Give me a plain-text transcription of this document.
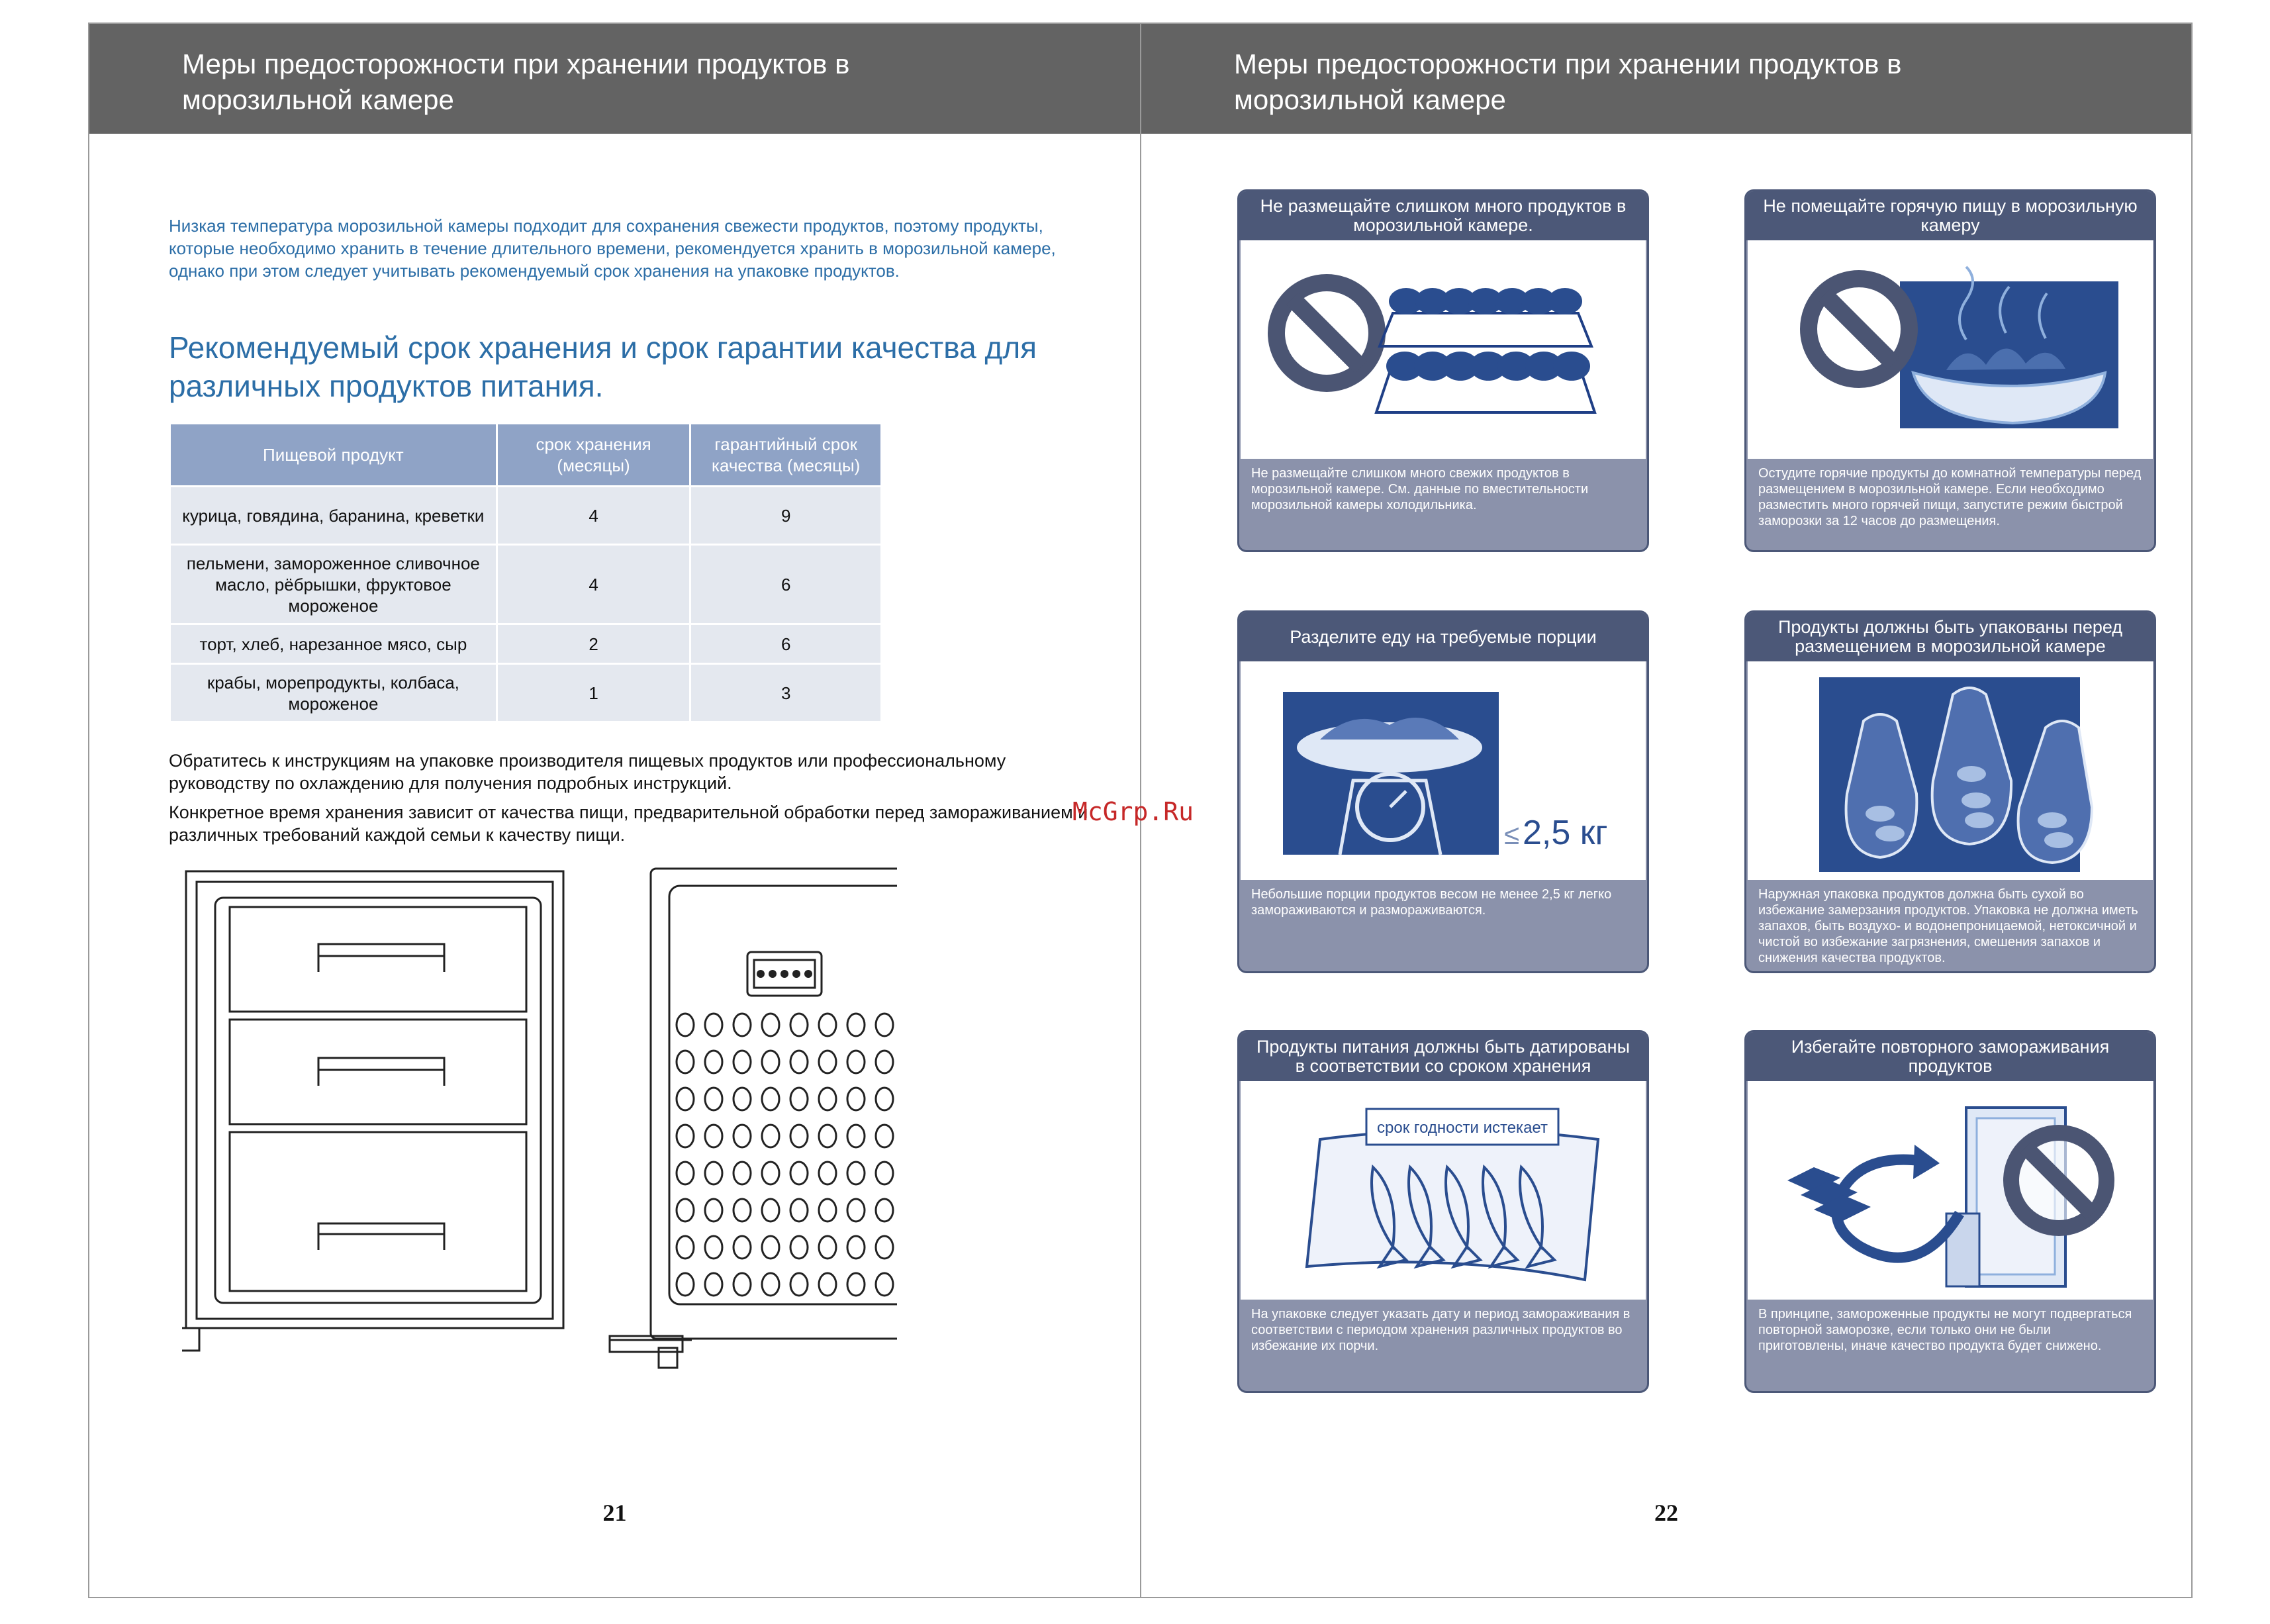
Меры предосторожности при хранении продуктов в
морозильной камере
Низкая температура морозильной камеры подходит для сохранения свежести продуктов, поэтому продукты, которые необходимо хранить в течение длительного времени, рекомендуется хранить в морозильной камере, однако при этом следует учитывать рекомендуемый срок хранения на упаковке продуктов.
Рекомендуемый срок хранения и срок гарантии качества для различных продуктов питания.
Пищевой продукт	срок хранения (месяцы)	гарантийный срок качества (месяцы)
курица, говядина, баранина, креветки	4	9
пельмени, замороженное сливочное масло, рёбрышки, фруктовое мороженое	4	6
торт, хлеб, нарезанное мясо, сыр	2	6
крабы, морепродукты, колбаса, мороженое	1	3
Обратитесь к инструкциям на упаковке производителя пищевых продуктов или профессиональному руководству по охлаждению для получения подробных инструкций.
Конкретное время хранения зависит от качества пищи, предварительной обработки перед замораживанием и различных требований каждой семьи к качеству пищи.
21
Меры предосторожности при хранении продуктов в
морозильной камере
Не размещайте слишком много продуктов в морозильной камере.
Не размещайте слишком много свежих продуктов в морозильной камере. См. данные по вместительности морозильной камеры холодильника.
Не помещайте горячую пищу в морозильную камеру
Остудите горячие продукты до комнатной температуры перед размещением в морозильной камере. Если необходимо разместить много горячей пищи, запустите режим быстрой заморозки за 12 часов до размещения.
Разделите еду на требуемые порции
≤ 2,5 кг
Небольшие порции продуктов весом не менее 2,5 кг легко замораживаются и размораживаются.
Продукты должны быть упакованы перед размещением в морозильной камере
Наружная упаковка продуктов должна быть сухой во избежание замерзания продуктов. Упаковка не должна иметь запахов, быть воздухо- и водонепроницаемой, нетоксичной и чистой во избежание загрязнения, смешения запахов и снижения качества продуктов.
Продукты питания должны быть датированы в соответствии со сроком хранения
срок годности истекает
На упаковке следует указать дату и период замораживания в соответствии с периодом хранения различных продуктов во избежание их порчи.
Избегайте повторного замораживания продуктов
В принципе, замороженные продукты не могут подвергаться повторной заморозке, если только они не были приготовлены, иначе качество продукта будет снижено.
22
McGrp.Ru
